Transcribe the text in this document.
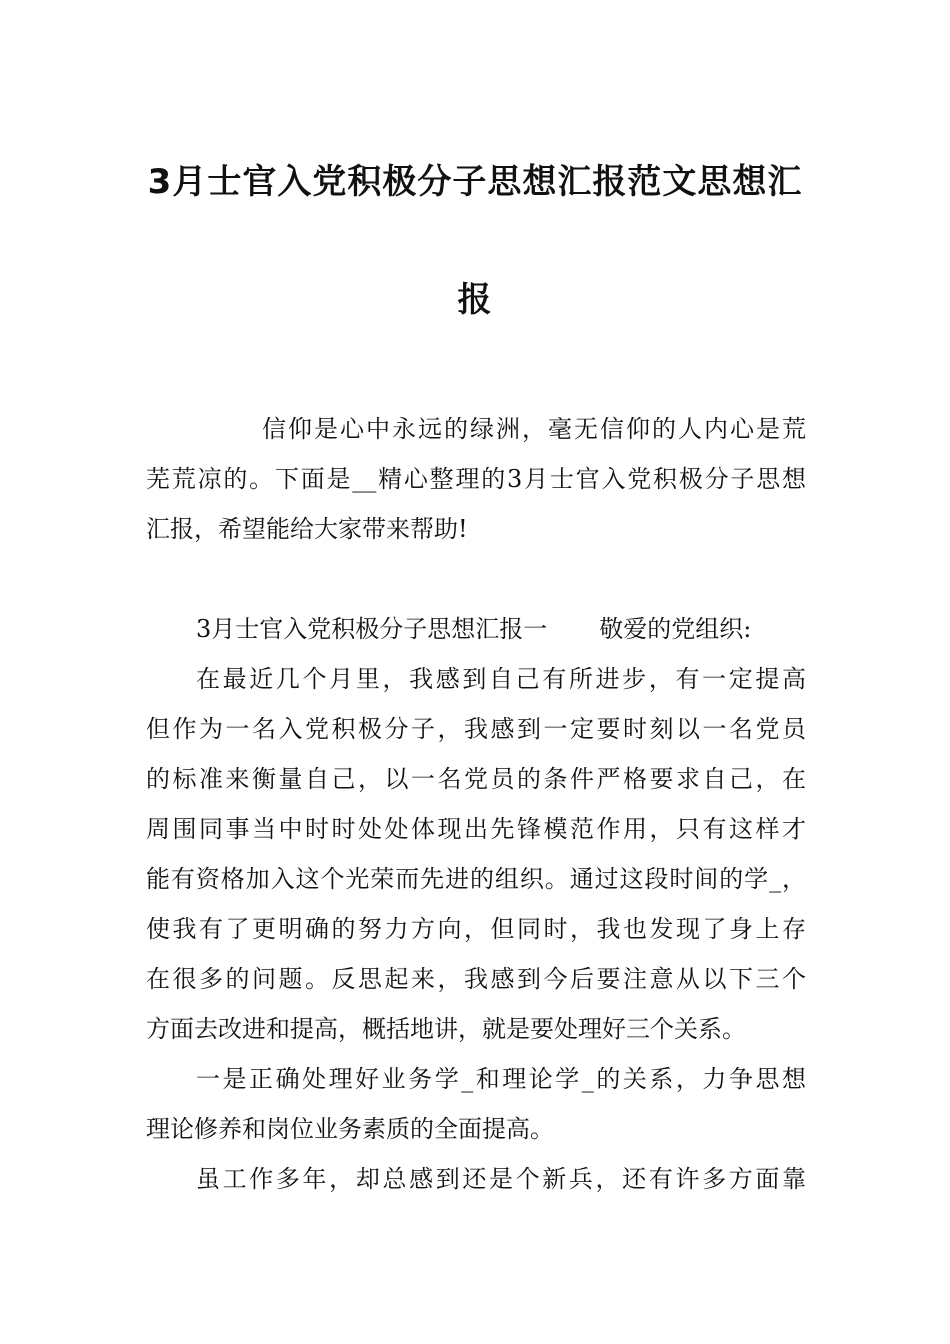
3月士官入党积极分子思想汇报范文思想汇
报
信仰是心中永远的绿洲，毫无信仰的人内心是荒
芜荒凉的。下面是__精心整理的3月士官入党积极分子思想
汇报，希望能给大家带来帮助!
3月士官入党积极分子思想汇报一 敬爱的党组织:
在最近几个月里，我感到自己有所进步，有一定提高
但作为一名入党积极分子，我感到一定要时刻以一名党员
的标准来衡量自己，以一名党员的条件严格要求自己，在
周围同事当中时时处处体现出先锋模范作用，只有这样才
能有资格加入这个光荣而先进的组织。通过这段时间的学_，
使我有了更明确的努力方向，但同时，我也发现了身上存
在很多的问题。反思起来，我感到今后要注意从以下三个
方面去改进和提高，概括地讲，就是要处理好三个关系。
一是正确处理好业务学_和理论学_的关系，力争思想
理论修养和岗位业务素质的全面提高。
虽工作多年，却总感到还是个新兵，还有许多方面靠
